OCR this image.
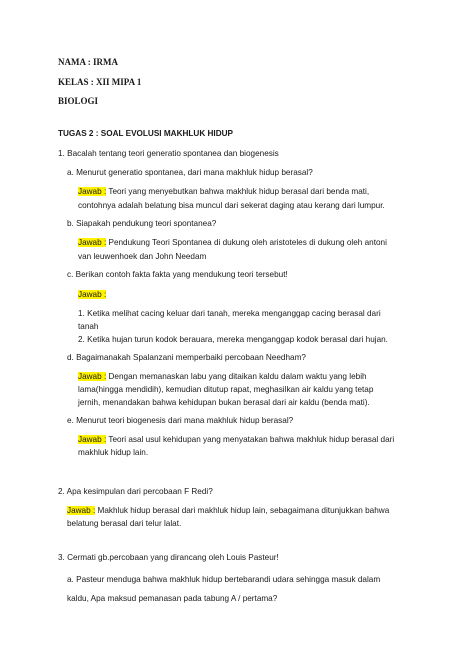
NAMA : IRMA
KELAS : XII MIPA 1
BIOLOGI
TUGAS 2 : SOAL EVOLUSI MAKHLUK HIDUP
1. Bacalah tentang teori generatio spontanea dan biogenesis
a. Menurut generatio spontanea, dari mana makhluk hidup berasal?
Jawab : Teori yang menyebutkan bahwa makhluk hidup berasal dari benda mati,
contohnya adalah belatung bisa muncul dari sekerat daging atau kerang dari lumpur.
b. Siapakah pendukung teori spontanea?
Jawab : Pendukung Teori Spontanea di dukung oleh aristoteles di dukung oleh antoni
van leuwenhoek dan John Needam
c. Berikan contoh fakta fakta yang mendukung teori tersebut!
Jawab :
1. Ketika melihat cacing keluar dari tanah, mereka menganggap cacing berasal dari
tanah
2. Ketika hujan turun kodok berauara, mereka menganggap kodok berasal dari hujan.
d. Bagaimanakah Spalanzani memperbaiki percobaan Needham?
Jawab : Dengan memanaskan labu yang ditaikan kaldu dalam waktu yang lebih
lama(hingga mendidih), kemudian ditutup rapat, meghasilkan air kaldu yang tetap
jernih, menandakan bahwa kehidupan bukan berasal dari air kaldu (benda mati).
e. Menurut teori biogenesis dari mana makhluk hidup berasal?
Jawab : Teori asal usul kehidupan yang menyatakan bahwa makhluk hidup berasal dari
makhluk hidup lain.
2. Apa kesimpulan dari percobaan F Redi?
Jawab : Makhluk hidup berasal dari makhluk hidup lain, sebagaimana ditunjukkan bahwa
belatung berasal dari telur lalat.
3. Cermati gb.percobaan yang dirancang oleh Louis Pasteur!
a. Pasteur menduga bahwa makhluk hidup bertebarandi udara sehingga masuk dalam
kaldu, Apa maksud pemanasan pada tabung A / pertama?
